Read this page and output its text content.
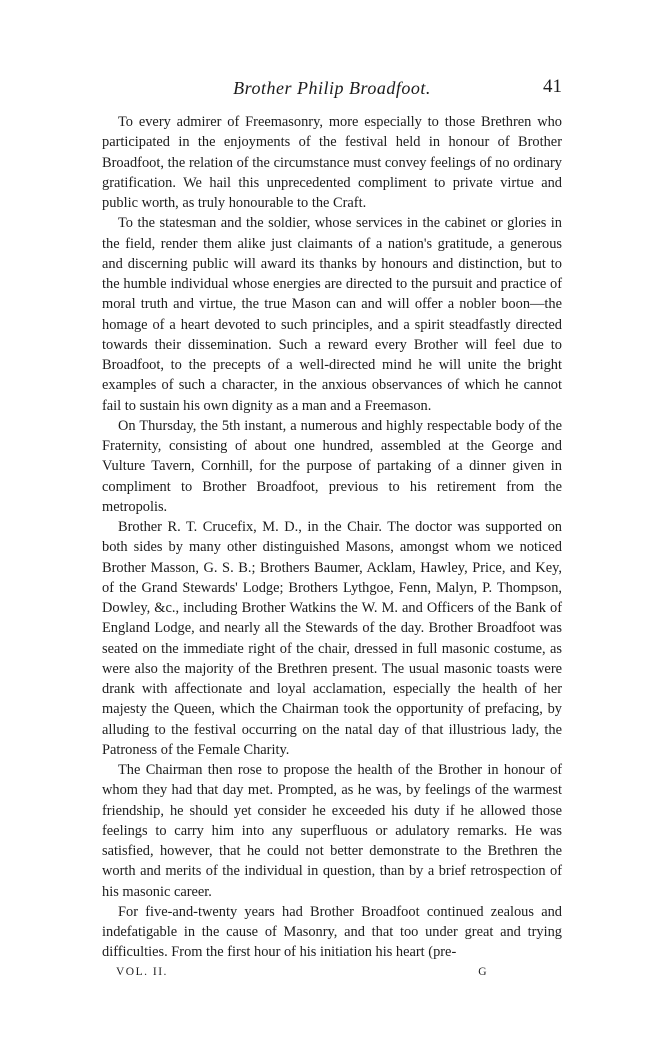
Brother Philip Broadfoot.	41

To every admirer of Freemasonry, more especially to those Brethren who participated in the enjoyments of the festival held in honour of Brother Broadfoot, the relation of the circumstance must convey feelings of no ordinary gratification. We hail this unprecedented compliment to private virtue and public worth, as truly honourable to the Craft.

To the statesman and the soldier, whose services in the cabinet or glories in the field, render them alike just claimants of a nation's gratitude, a generous and discerning public will award its thanks by honours and distinction, but to the humble individual whose energies are directed to the pursuit and practice of moral truth and virtue, the true Mason can and will offer a nobler boon—the homage of a heart devoted to such principles, and a spirit steadfastly directed towards their dissemination. Such a reward every Brother will feel due to Broadfoot, to the precepts of a well-directed mind he will unite the bright examples of such a character, in the anxious observances of which he cannot fail to sustain his own dignity as a man and a Freemason.

On Thursday, the 5th instant, a numerous and highly respectable body of the Fraternity, consisting of about one hundred, assembled at the George and Vulture Tavern, Cornhill, for the purpose of partaking of a dinner given in compliment to Brother Broadfoot, previous to his retirement from the metropolis.

Brother R. T. Crucefix, M. D., in the Chair. The doctor was supported on both sides by many other distinguished Masons, amongst whom we noticed Brother Masson, G. S. B.; Brothers Baumer, Acklam, Hawley, Price, and Key, of the Grand Stewards' Lodge; Brothers Lythgoe, Fenn, Malyn, P. Thompson, Dowley, &c., including Brother Watkins the W. M. and Officers of the Bank of England Lodge, and nearly all the Stewards of the day. Brother Broadfoot was seated on the immediate right of the chair, dressed in full masonic costume, as were also the majority of the Brethren present. The usual masonic toasts were drank with affectionate and loyal acclamation, especially the health of her majesty the Queen, which the Chairman took the opportunity of prefacing, by alluding to the festival occurring on the natal day of that illustrious lady, the Patroness of the Female Charity.

The Chairman then rose to propose the health of the Brother in honour of whom they had that day met. Prompted, as he was, by feelings of the warmest friendship, he should yet consider he exceeded his duty if he allowed those feelings to carry him into any superfluous or adulatory remarks. He was satisfied, however, that he could not better demonstrate to the Brethren the worth and merits of the individual in question, than by a brief retrospection of his masonic career.

For five-and-twenty years had Brother Broadfoot continued zealous and indefatigable in the cause of Masonry, and that too under great and trying difficulties. From the first hour of his initiation his heart (pre-

VOL. II.	G
